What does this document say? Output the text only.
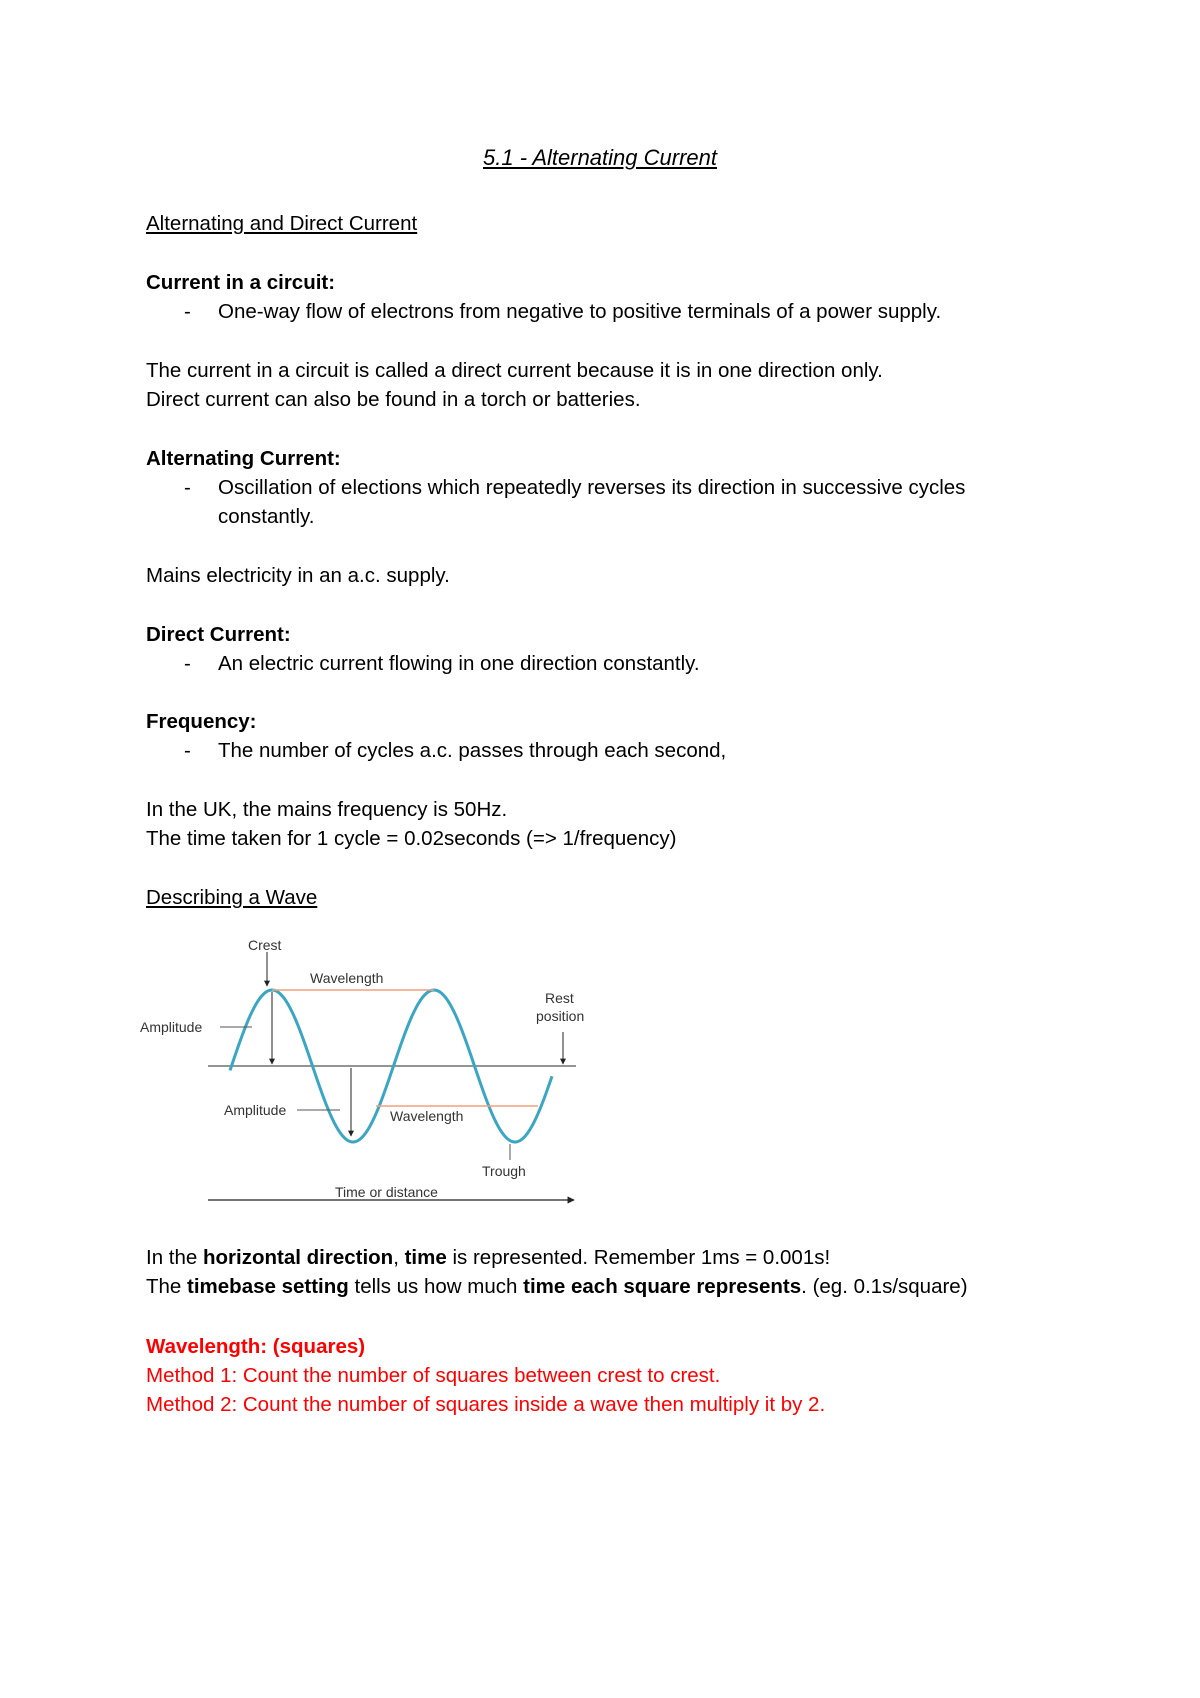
5.1 - Alternating Current
Alternating and Direct Current
Current in a circuit:
- One-way flow of electrons from negative to positive terminals of a power supply.
The current in a circuit is called a direct current because it is in one direction only.
Direct current can also be found in a torch or batteries.
Alternating Current:
- Oscillation of elections which repeatedly reverses its direction in successive cycles
constantly.
Mains electricity in an a.c. supply.
Direct Current:
- An electric current flowing in one direction constantly.
Frequency:
- The number of cycles a.c. passes through each second,
In the UK, the mains frequency is 50Hz.
The time taken for 1 cycle = 0.02seconds (=> 1/frequency)
Describing a Wave
Crest
Wavelength
Amplitude
Rest
position
Amplitude	Wavelength
Trough
Time or distance
In the horizontal direction, time is represented. Remember 1ms = 0.001s!
The timebase setting tells us how much time each square represents. (eg. 0.1s/square)
Wavelength: (squares)
Method 1: Count the number of squares between crest to crest.
Method 2: Count the number of squares inside a wave then multiply it by 2.
